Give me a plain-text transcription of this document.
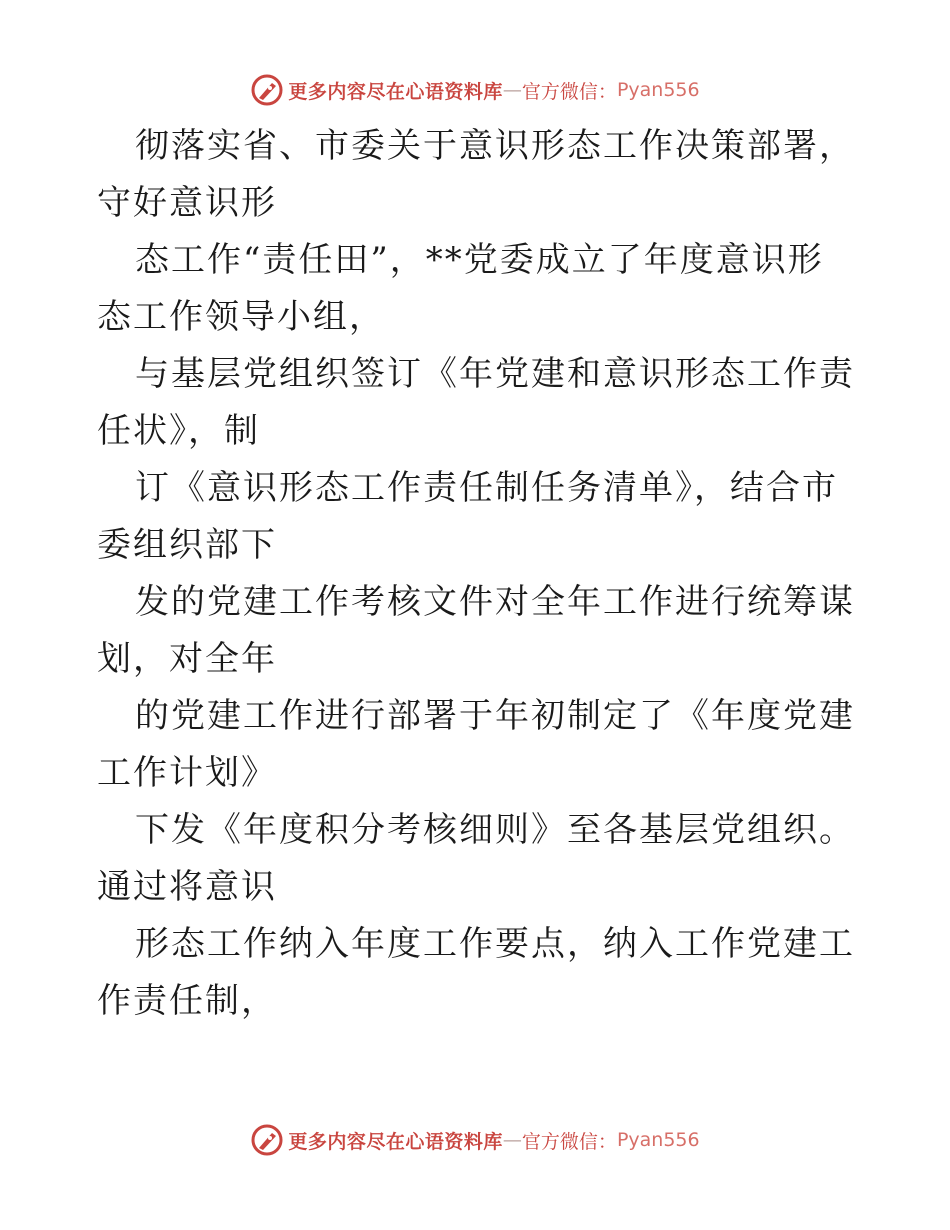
更多内容尽在心语资料库 — 官方微信： Pyan556

彻落实省、市委关于意识形态工作决策部署，守好意识形

态工作“责任田”，**党委成立了年度意识形态工作领导小组，

与基层党组织签订《年党建和意识形态工作责任状》，制

订《意识形态工作责任制任务清单》，结合市委组织部下

发的党建工作考核文件对全年工作进行统筹谋划，对全年

的党建工作进行部署于年初制定了《年度党建工作计划》

下发《年度积分考核细则》至各基层党组织。通过将意识

形态工作纳入年度工作要点，纳入工作党建工作责任制，

更多内容尽在心语资料库 — 官方微信： Pyan556
